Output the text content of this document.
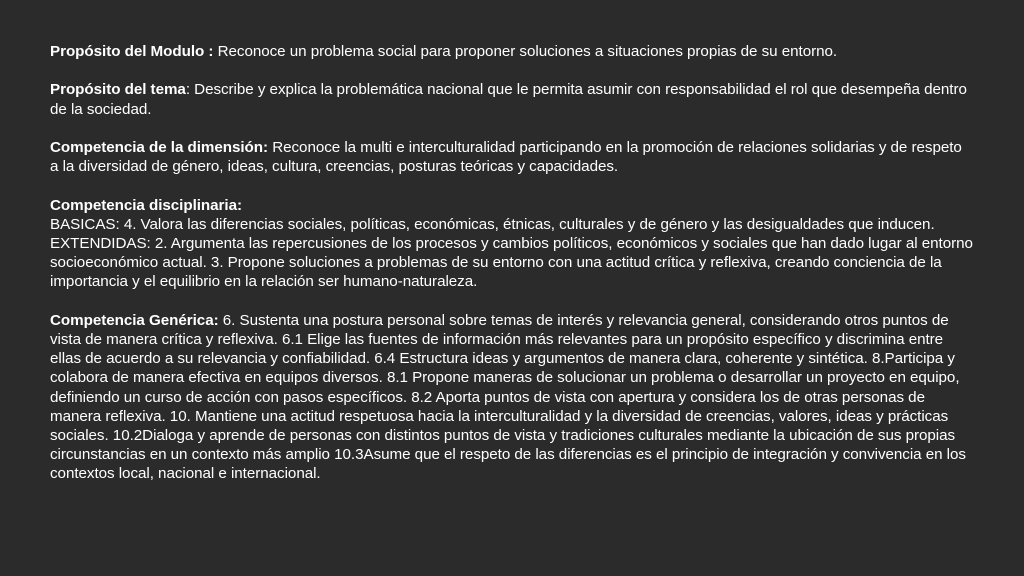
Propósito del Modulo : Reconoce un problema social para proponer soluciones a situaciones propias de su entorno.

Propósito del tema: Describe y explica la problemática nacional que le permita asumir con responsabilidad el rol que desempeña dentro de la sociedad.

Competencia de la dimensión: Reconoce la multi e interculturalidad participando en la promoción de relaciones solidarias y de respeto a la diversidad de género, ideas, cultura, creencias, posturas teóricas y capacidades.

Competencia disciplinaria:
BASICAS: 4. Valora las diferencias sociales, políticas, económicas, étnicas, culturales y de género y las desigualdades que inducen.
EXTENDIDAS: 2. Argumenta las repercusiones de los procesos y cambios políticos, económicos y sociales que han dado lugar al entorno socioeconómico actual. 3. Propone soluciones a problemas de su entorno con una actitud crítica y reflexiva, creando conciencia de la importancia y el equilibrio en la relación ser humano-naturaleza.

Competencia Genérica: 6. Sustenta una postura personal sobre temas de interés y relevancia general, considerando otros puntos de vista de manera crítica y reflexiva. 6.1 Elige las fuentes de información más relevantes para un propósito específico y discrimina entre ellas de acuerdo a su relevancia y confiabilidad. 6.4 Estructura ideas y argumentos de manera clara, coherente y sintética. 8.Participa y colabora de manera efectiva en equipos diversos. 8.1 Propone maneras de solucionar un problema o desarrollar un proyecto en equipo, definiendo un curso de acción con pasos específicos. 8.2 Aporta puntos de vista con apertura y considera los de otras personas de manera reflexiva. 10. Mantiene una actitud respetuosa hacia la interculturalidad y la diversidad de creencias, valores, ideas y prácticas sociales. 10.2Dialoga y aprende de personas con distintos puntos de vista y tradiciones culturales mediante la ubicación de sus propias circunstancias en un contexto más amplio 10.3Asume que el respeto de las diferencias es el principio de integración y convivencia en los contextos local, nacional e internacional.
